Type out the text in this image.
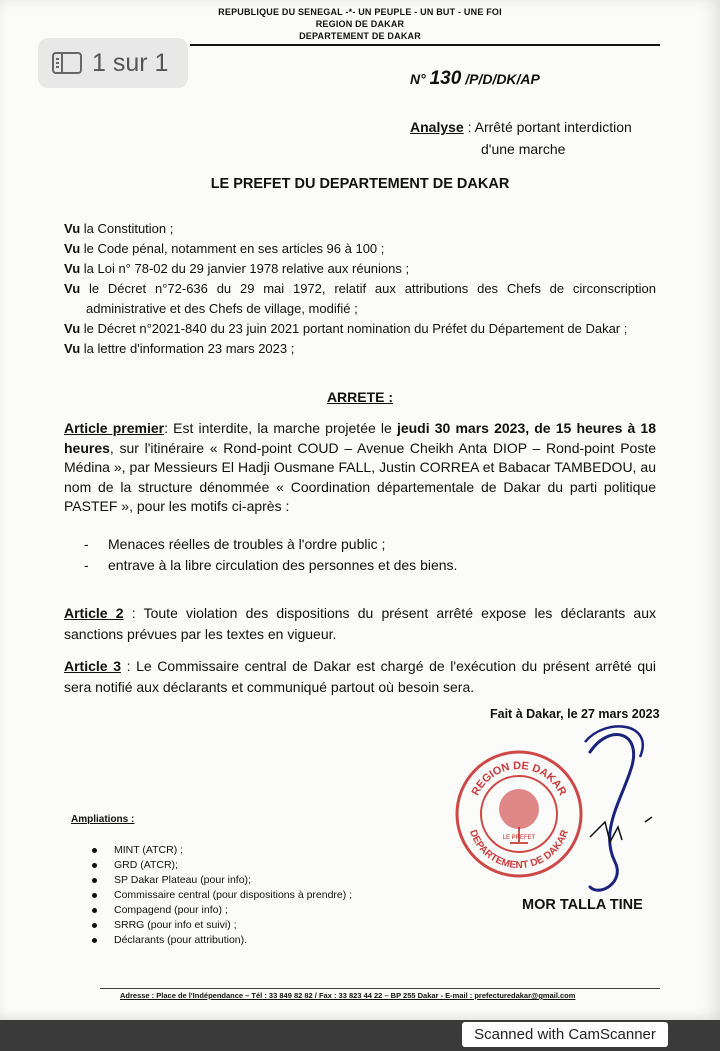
REPUBLIQUE DU SENEGAL -*- UN PEUPLE - UN BUT - UNE FOI
REGION DE DAKAR
DEPARTEMENT DE DAKAR
N° 130 /P/D/DK/AP
Analyse : Arrêté portant interdiction
d'une marche
LE PREFET DU DEPARTEMENT DE DAKAR

Vu la Constitution ;

Vu le Code pénal, notamment en ses articles 96 à 100 ;

Vu la Loi n° 78-02 du 29 janvier 1978 relative aux réunions ;

Vu le Décret n°72-636 du 29 mai 1972, relatif aux attributions des Chefs de circonscription

administrative et des Chefs de village, modifié ;

Vu le Décret n°2021-840 du 23 juin 2021 portant nomination du Préfet du Département de Dakar ;

Vu la lettre d'information 23 mars 2023 ;

ARRETE :
Article premier: Est interdite, la marche projetée le jeudi 30 mars 2023, de 15 heures à 18 heures, sur l'itinéraire « Rond-point COUD – Avenue Cheikh Anta DIOP – Rond-point Poste Médina », par Messieurs El Hadji Ousmane FALL, Justin CORREA et Babacar TAMBEDOU, au nom de la structure dénommée « Coordination départementale de Dakar du parti politique PASTEF », pour les motifs ci-après :
- Menaces réelles de troubles à l'ordre public ;
- entrave à la libre circulation des personnes et des biens.
Article 2 : Toute violation des dispositions du présent arrêté expose les déclarants aux sanctions prévues par les textes en vigueur.
Article 3 : Le Commissaire central de Dakar est chargé de l'exécution du présent arrêté qui sera notifié aux déclarants et communiqué partout où besoin sera.
Fait à Dakar, le 27 mars 2023
REGION DE DAKAR
DEPARTEMENT DE DAKAR
LE PREFET
MOR TALLA TINE
Ampliations :
MINT (ATCR) ;
GRD (ATCR);
SP Dakar Plateau (pour info);
Commissaire central (pour dispositions à prendre) ;
Compagend (pour info) ;
SRRG (pour info et suivi) ;
Déclarants (pour attribution).
Adresse : Place de l'Indépendance – Tél : 33 849 82 82 / Fax : 33 823 44 22 – BP 255 Dakar - E-mail : prefecturedakar@gmail.com
1 sur 1
Scanned with CamScanner
